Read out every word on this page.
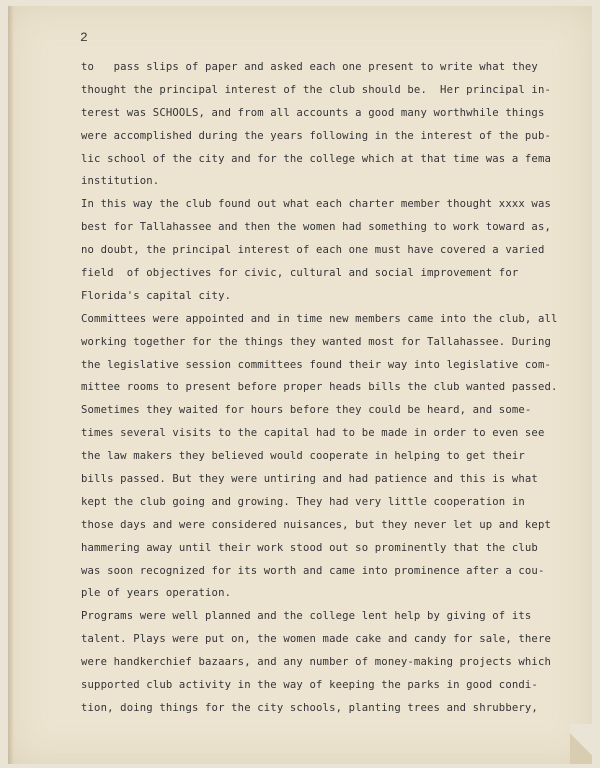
2
to   pass slips of paper and asked each one present to write what they
thought the principal interest of the club should be.  Her principal in-
terest was SCHOOLS, and from all accounts a good many worthwhile things
were accomplished during the years following in the interest of the pub-
lic school of the city and for the college which at that time was a fema
institution.
In this way the club found out what each charter member thought xxxx was
best for Tallahassee and then the women had something to work toward as,
no doubt, the principal interest of each one must have covered a varied
field  of objectives for civic, cultural and social improvement for
Florida's capital city.
Committees were appointed and in time new members came into the club, all
working together for the things they wanted most for Tallahassee. During
the legislative session committees found their way into legislative com-
mittee rooms to present before proper heads bills the club wanted passed.
Sometimes they waited for hours before they could be heard, and some-
times several visits to the capital had to be made in order to even see
the law makers they believed would cooperate in helping to get their
bills passed. But they were untiring and had patience and this is what
kept the club going and growing. They had very little cooperation in
those days and were considered nuisances, but they never let up and kept
hammering away until their work stood out so prominently that the club
was soon recognized for its worth and came into prominence after a cou-
ple of years operation.
Programs were well planned and the college lent help by giving of its
talent. Plays were put on, the women made cake and candy for sale, there
were handkerchief bazaars, and any number of money-making projects which
supported club activity in the way of keeping the parks in good condi-
tion, doing things for the city schools, planting trees and shrubbery,
